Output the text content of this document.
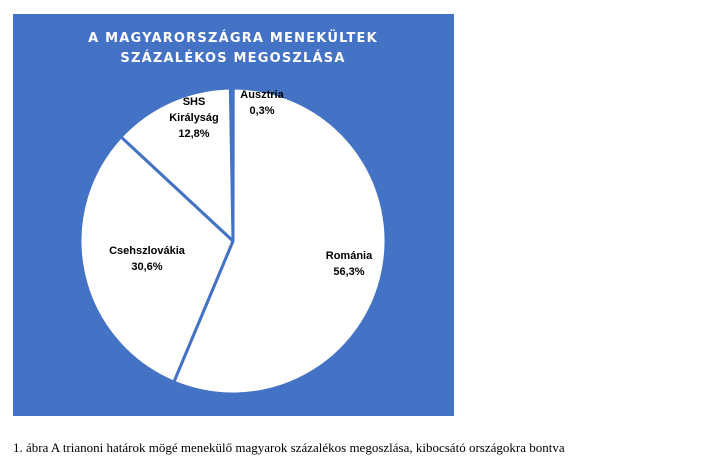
A MAGYARORSZÁGRA MENEKÜLTEK
SZÁZALÉKOS MEGOSZLÁSA
Ausztria
0,3%
Románia
56,3%
Csehszlovákia
30,6%
SHS
Királyság
12,8%
1. ábra A trianoni határok mögé menekülő magyarok százalékos megoszlása, kibocsátó országokra bontva
